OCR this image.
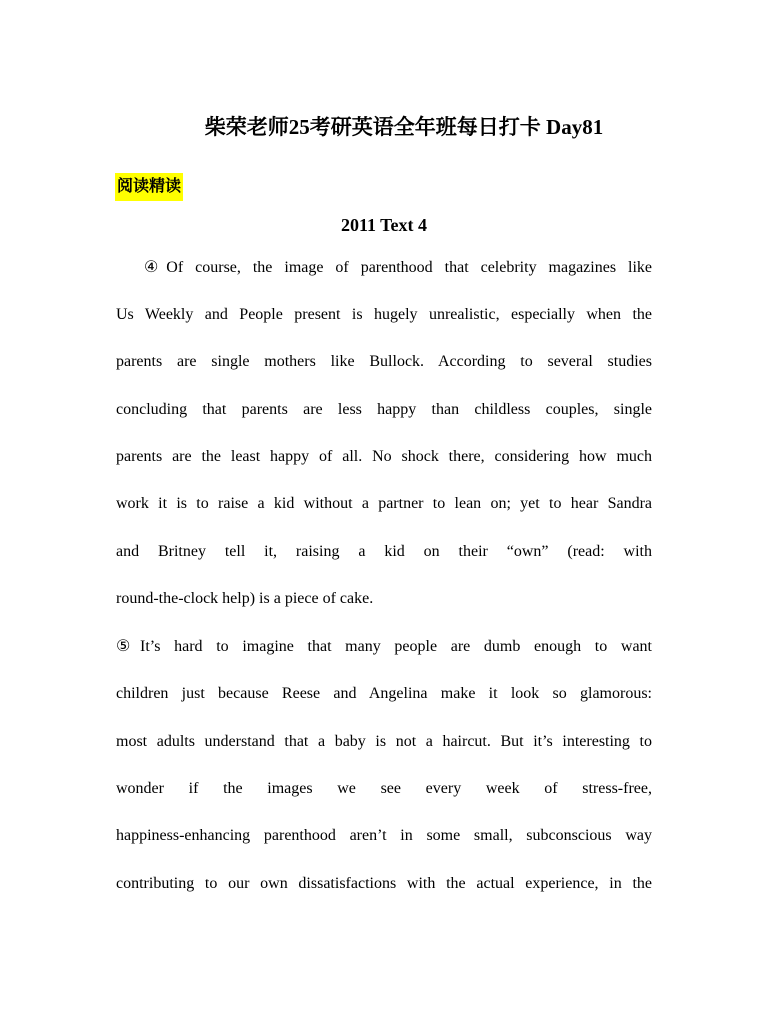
柴荣老师25考研英语全年班每日打卡 Day81
阅读精读
2011 Text 4
④Of course, the image of parenthood that celebrity magazines like
Us Weekly and People present is hugely unrealistic, especially when the
parents are single mothers like Bullock. According to several studies
concluding that parents are less happy than childless couples, single
parents are the least happy of all. No shock there, considering how much
work it is to raise a kid without a partner to lean on; yet to hear Sandra
and Britney tell it, raising a kid on their “own” (read: with
round-the-clock help) is a piece of cake.
⑤It’s hard to imagine that many people are dumb enough to want
children just because Reese and Angelina make it look so glamorous:
most adults understand that a baby is not a haircut. But it’s interesting to
wonder if the images we see every week of stress-free,
happiness-enhancing parenthood aren’t in some small, subconscious way
contributing to our own dissatisfactions with the actual experience, in the
